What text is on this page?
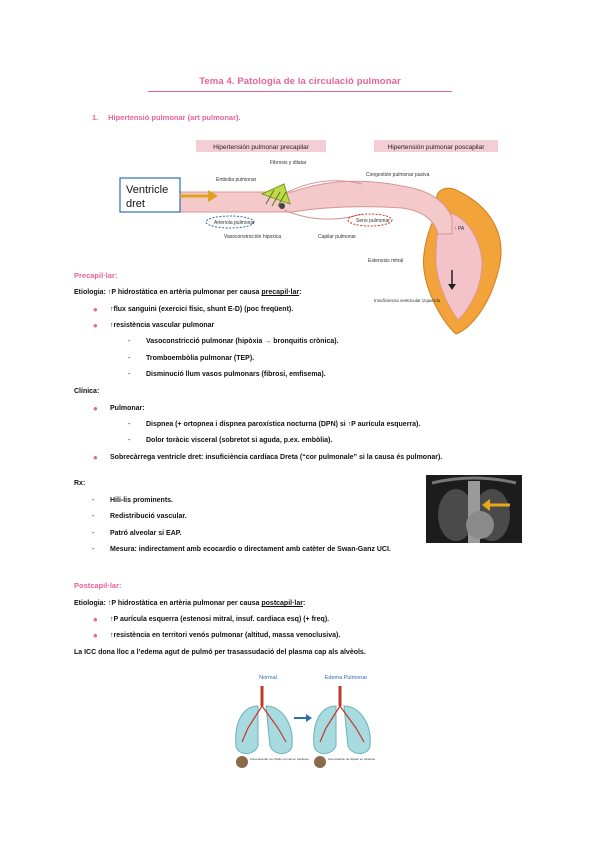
Tema 4. Patología de la circulació pulmonar
1. Hipertensió pulmonar (art pulmonar).
Hipertensión pulmonar precapilar	Hipertensión pulmonar poscapilar
↑ PA
Ventricle
dret
Fibrosis y dilatar
Embolia pulmonar
Arteriola pulmonar
Vasoconstricción hipoxica	Capilar pulmonar
Congestión pulmonar pasiva
Seno pulmonar
Estenosis mitral
Insuficiencia ventricular izquierda
Precapil·lar:
Etiologia: ↑P hidrostàtica en artèria pulmonar per causa precapil·lar:
● ↑flux sanguini (exercici físic, shunt E-D) (poc freqüent).
● ↑resistència vascular pulmonar
- Vasoconstricció pulmonar (hipòxia → bronquitis crònica).
- Tromboembòlia pulmonar (TEP).
- Disminució llum vasos pulmonars (fibrosi, emfisema).
Clínica:
● Pulmonar:
- Dispnea (+ ortopnea i dispnea paroxística nocturna (DPN) si ↑P aurícula esquerra).
- Dolor toràcic visceral (sobretot si aguda, p.ex. embòlia).
● Sobrecàrrega ventricle dret: insuficiència cardíaca Dreta (“cor pulmonale” si la causa és pulmonar).
Rx:
- Hili-lis prominents.
- Redistribució vascular.
- Patró alveolar si EAP.
- Mesura: indirectament amb ecocardio o directament amb catèter de Swan-Ganz UCI.
Postcapil·lar:
Etiologia: ↑P hidrostàtica en artèria pulmonar per causa postcapil·lar:
● ↑P aurícula esquerra (estenosi mitral, insuf. cardiaca esq) (+ freq).
● ↑resistència en territori venós pulmonar (altitud, massa venoclusiva).
La ICC dona lloc a l’edema agut de pulmó per trasassudació del plasma cap als alvèols.
Normal	Edema Pulmonar
Zona alveolar con fluido normal en capilares	Acumulación de líquido en alvéolos
